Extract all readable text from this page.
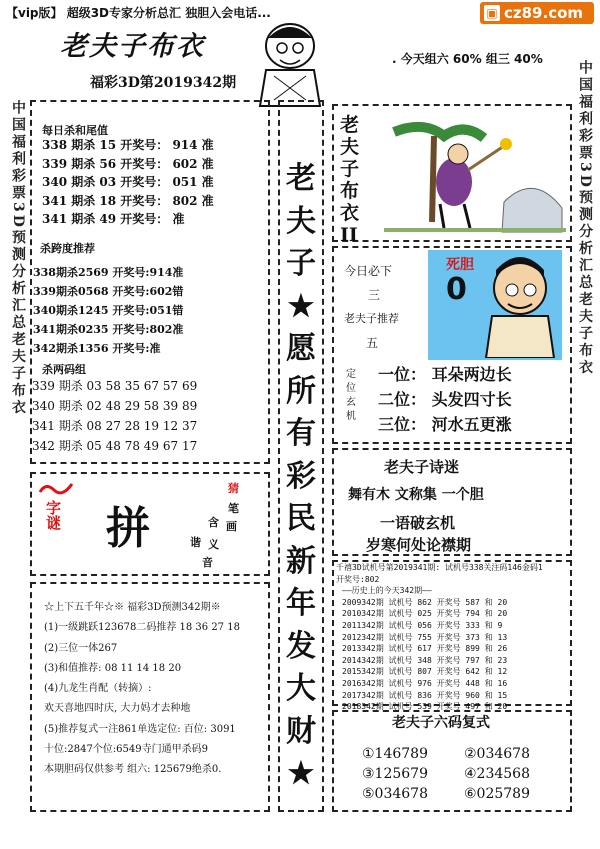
【vip版】 超级3D专家分析总汇 独胆入会电话...	▣ cz89.com
老夫子布衣
福彩3D第2019342期
. 今天组六 60% 组三 40%
中国福利彩票3D预测分析汇总老夫子布衣	中国福利彩票3D预测分析汇总老夫子布衣
每日杀和尾值
338 期杀 15 开奖号： 914 准
339 期杀 56 开奖号： 602 准
340 期杀 03 开奖号： 051 准
341 期杀 18 开奖号： 802 准
341 期杀 49 开奖号： 准
杀跨度推荐
338期杀2569 开奖号:914准
339期杀0568 开奖号:602错
340期杀1245 开奖号:051错
341期杀0235 开奖号:802准
342期杀1356 开奖号:准
杀两码组
339 期杀 03 58 35 67 57 69
340 期杀 02 48 29 58 39 89
341 期杀 08 27 28 19 12 37
342 期杀 05 48 78 49 67 17
字谜 拼
猜
笔
画
含
谐 义
音
☆上下五千年☆※ 福彩3D预测342期※
(1)一级跳跃123678二码推荐 18 36 27 18
(2)三位一体267
(3)和值推荐: 08 11 14 18 20
(4)九龙生肖配（转摘）:
欢天喜地四时庆, 大力妈才去种地
(5)推荐复式一注861单选定位: 百位: 3091
十位:2847个位:6549寺门通甲杀码9
本期胆码仅供参考 组六: 125679绝杀0.
老
夫
子
★
愿
所
有
彩
民
新
年
发
大
财
★
老夫子布衣II
今日必下
三
老夫子推荐
五
死胆
0
定位玄机
一位： 耳朵两边长
二位： 头发四寸长
三位： 河水五更涨
老夫子诗迷
舞有木 文称集 一个胆
一语破玄机
岁寒何处论襟期
千禧3D试机号第2019341期: 试机号338关注码146金码1
开奖号:802
——历史上的今天342期——
2009342期 试机号 862 开奖号 587 和 20
2010342期 试机号 025 开奖号 794 和 20
2011342期 试机号 056 开奖号 333 和 9
2012342期 试机号 755 开奖号 373 和 13
2013342期 试机号 617 开奖号 899 和 26
2014342期 试机号 348 开奖号 797 和 23
2015342期 试机号 807 开奖号 642 和 12
2016342期 试机号 976 开奖号 448 和 16
2017342期 试机号 836 开奖号 960 和 15
2018342期 试机号 539 开奖号 497 和 20
老夫子六码复式
①146789
③125679
⑤034678
②034678
④234568
⑥025789
